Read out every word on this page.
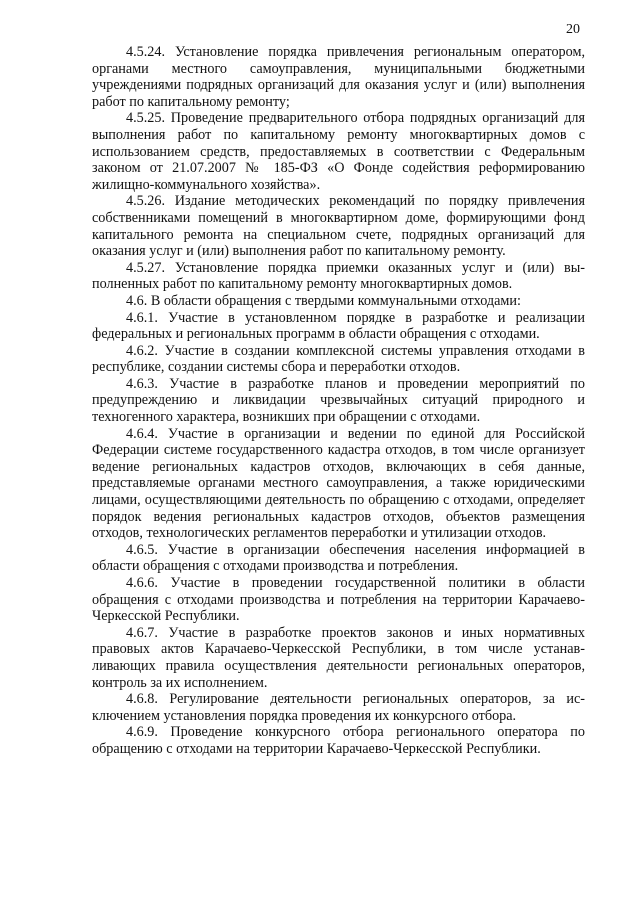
20

4.5.24. Установление порядка привлечения региональным оператором, органами местного самоуправления, муниципальными бюджетными учреждениями подрядных организаций для оказания услуг и (или) выполнения работ по капитальному ремонту;

4.5.25. Проведение предварительного отбора подрядных организаций для выполнения работ по капитальному ремонту многоквартирных домов с использованием средств, предоставляемых в соответствии с Федеральным законом от 21.07.2007 № 185-ФЗ «О Фонде содействия реформированию жилищно-коммунального хозяйства».

4.5.26. Издание методических рекомендаций по порядку привлечения собственниками помещений в многоквартирном доме, формирующими фонд капитального ремонта на специальном счете, подрядных организаций для оказания услуг и (или) выполнения работ по капитальному ремонту.

4.5.27. Установление порядка приемки оказанных услуг и (или) выполненных работ по капитальному ремонту многоквартирных домов.

4.6. В области обращения с твердыми коммунальными отходами:

4.6.1. Участие в установленном порядке в разработке и реализации федеральных и региональных программ в области обращения с отходами.

4.6.2. Участие в создании комплексной системы управления отходами в республике, создании системы сбора и переработки отходов.

4.6.3. Участие в разработке планов и проведении мероприятий по предупреждению и ликвидации чрезвычайных ситуаций природного и техногенного характера, возникших при обращении с отходами.

4.6.4. Участие в организации и ведении по единой для Российской Федерации системе государственного кадастра отходов, в том числе организует ведение региональных кадастров отходов, включающих в себя данные, представляемые органами местного самоуправления, а также юридическими лицами, осуществляющими деятельность по обращению с отходами, определяет порядок ведения региональных кадастров отходов, объектов размещения отходов, технологических регламентов переработки и утилизации отходов.

4.6.5. Участие в организации обеспечения населения информацией в области обращения с отходами производства и потребления.

4.6.6. Участие в проведении государственной политики в области обращения с отходами производства и потребления на территории Карачаево-Черкесской Республики.

4.6.7. Участие в разработке проектов законов и иных нормативных правовых актов Карачаево-Черкесской Республики, в том числе устанавливающих правила осуществления деятельности региональных операторов, контроль за их исполнением.

4.6.8. Регулирование деятельности региональных операторов, за исключением установления порядка проведения их конкурсного отбора.

4.6.9. Проведение конкурсного отбора регионального оператора по обращению с отходами на территории Карачаево-Черкесской Республики.
